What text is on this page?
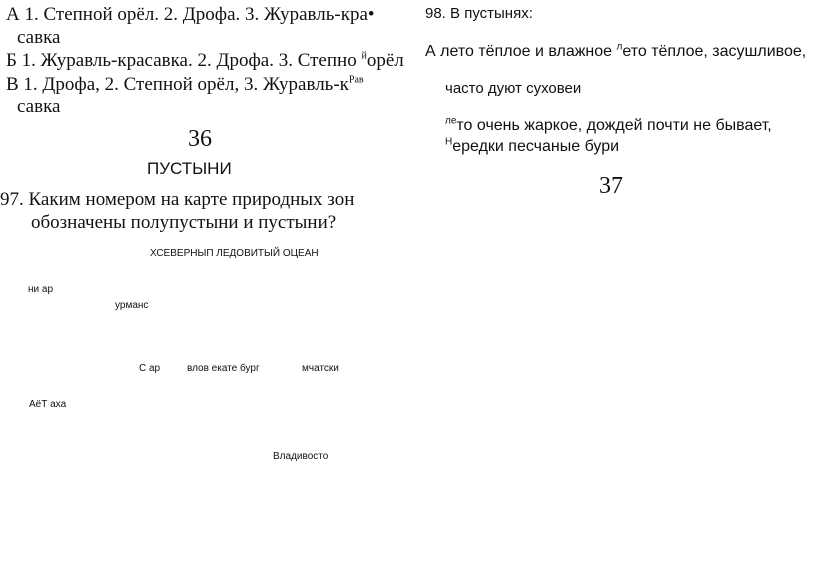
А 1. Степной орёл. 2. Дрофа. 3. Журавль-кра•
савка
Б 1. Журавль-красавка. 2. Дрофа. 3. Степно $^й$орёл
В 1. Дрофа, 2. Степной орёл, 3. Журавль-$к^{Рав}$
савка
36
ПУСТЫНИ
97. Каким номером на карте природных зон
обозначены полупустыни и пустыни?
ХСЕВЕРНЫП ЛЕДОВИТЫЙ ОЦЕАН
ни ар
урманс
С ар	влов екате бург	мчатски
АёТ аха
Владивосто
98. В пустынях:
А лето тёплое и влажное $^л$ето тёплое, засушливое,
часто дуют суховеи
$^{ле}$то очень жаркое, дождей почти не бывает,
$^Н$ередки песчаные бури
37
